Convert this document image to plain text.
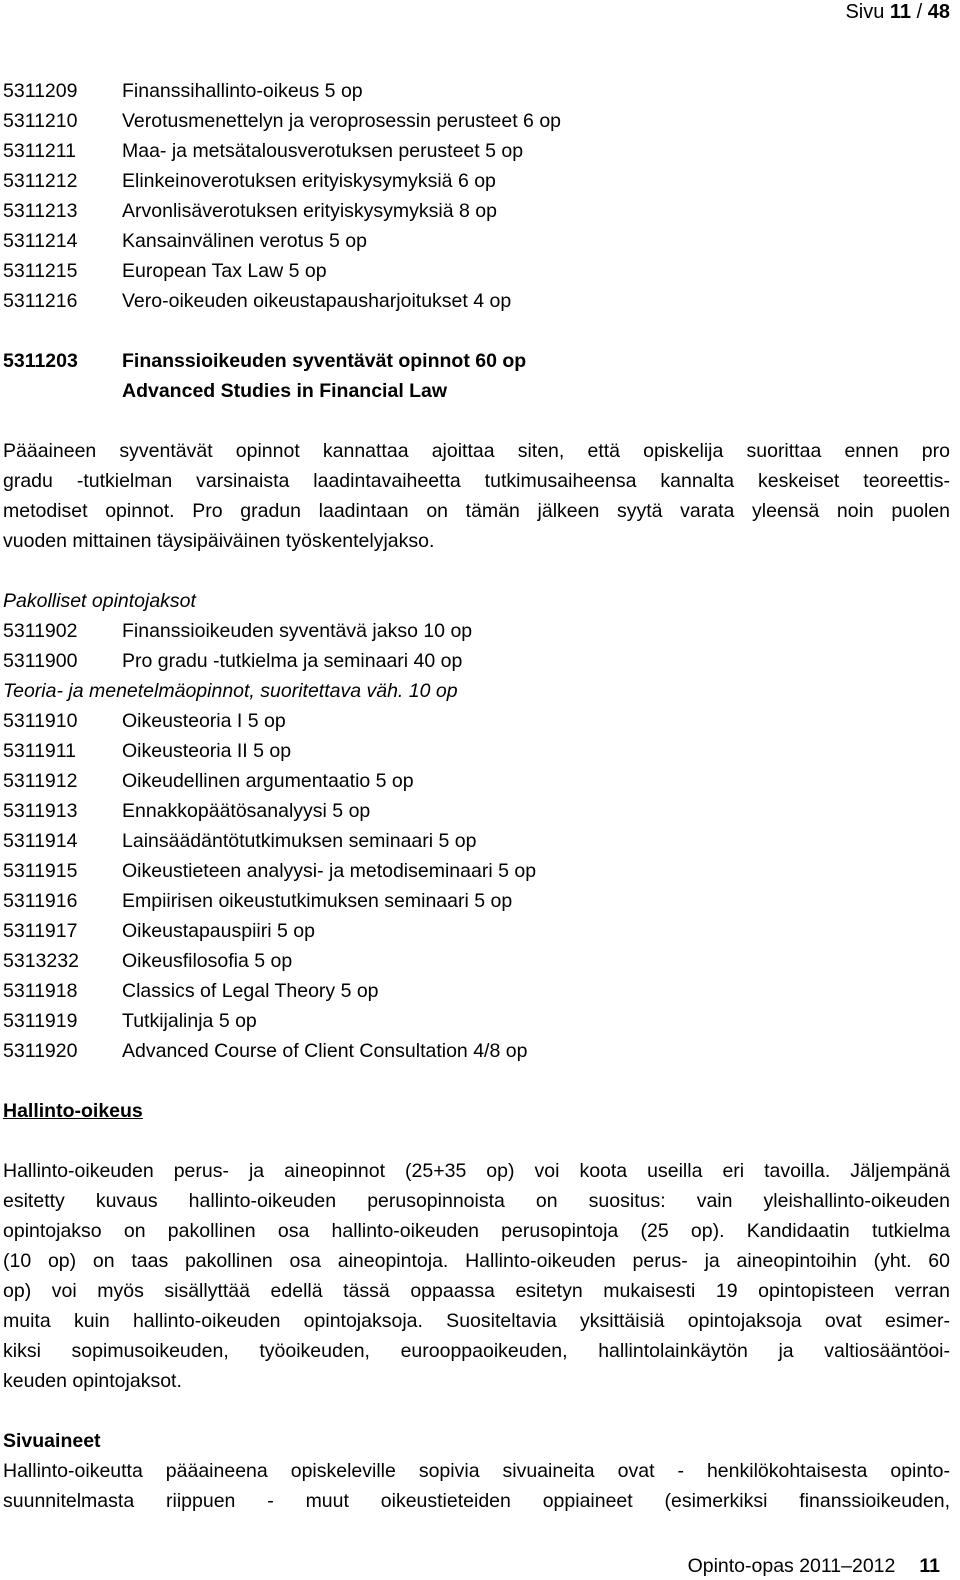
Sivu 11 / 48
5311209	Finanssihallinto-oikeus 5 op
5311210	Verotusmenettelyn ja veroprosessin perusteet 6 op
5311211	Maa- ja metsätalousverotuksen perusteet 5 op
5311212	Elinkeinoverotuksen erityiskysymyksiä 6 op
5311213	Arvonlisäverotuksen erityiskysymyksiä 8 op
5311214	Kansainvälinen verotus 5 op
5311215	European Tax Law 5 op
5311216	Vero-oikeuden oikeustapausharjoitukset 4 op
5311203	Finanssioikeuden syventävät opinnot 60 op
Advanced Studies in Financial Law
Pääaineen syventävät opinnot kannattaa ajoittaa siten, että opiskelija suorittaa ennen pro
gradu -tutkielman varsinaista laadintavaiheetta tutkimusaiheensa kannalta keskeiset teoreettis-
metodiset opinnot. Pro gradun laadintaan on tämän jälkeen syytä varata yleensä noin puolen
vuoden mittainen täysipäiväinen työskentelyjakso.
Pakolliset opintojaksot
5311902	Finanssioikeuden syventävä jakso 10 op
5311900	Pro gradu -tutkielma ja seminaari 40 op
Teoria- ja menetelmäopinnot, suoritettava väh. 10 op
5311910	Oikeusteoria I 5 op
5311911	Oikeusteoria II 5 op
5311912	Oikeudellinen argumentaatio 5 op
5311913	Ennakkopäätösanalyysi 5 op
5311914	Lainsäädäntötutkimuksen seminaari 5 op
5311915	Oikeustieteen analyysi- ja metodiseminaari 5 op
5311916	Empiirisen oikeustutkimuksen seminaari 5 op
5311917	Oikeustapauspiiri 5 op
5313232	Oikeusfilosofia 5 op
5311918	Classics of Legal Theory 5 op
5311919	Tutkijalinja 5 op
5311920	Advanced Course of Client Consultation 4/8 op
Hallinto-oikeus
Hallinto-oikeuden perus- ja aineopinnot (25+35 op) voi koota useilla eri tavoilla. Jäljempänä
esitetty kuvaus hallinto-oikeuden perusopinnoista on suositus: vain yleishallinto-oikeuden
opintojakso on pakollinen osa hallinto-oikeuden perusopintoja (25 op). Kandidaatin tutkielma
(10 op) on taas pakollinen osa aineopintoja. Hallinto-oikeuden perus- ja aineopintoihin (yht. 60
op) voi myös sisällyttää edellä tässä oppaassa esitetyn mukaisesti 19 opintopisteen verran
muita kuin hallinto-oikeuden opintojaksoja. Suositeltavia yksittäisiä opintojaksoja ovat esimer-
kiksi sopimusoikeuden, työoikeuden, eurooppaoikeuden, hallintolainkäytön ja valtiosääntöoi-
keuden opintojaksot.
Sivuaineet
Hallinto-oikeutta pääaineena opiskeleville sopivia sivuaineita ovat - henkilökohtaisesta opinto-
suunnitelmasta riippuen - muut oikeustieteiden oppiaineet (esimerkiksi finanssioikeuden,
Opinto-opas 2011–2012 11
